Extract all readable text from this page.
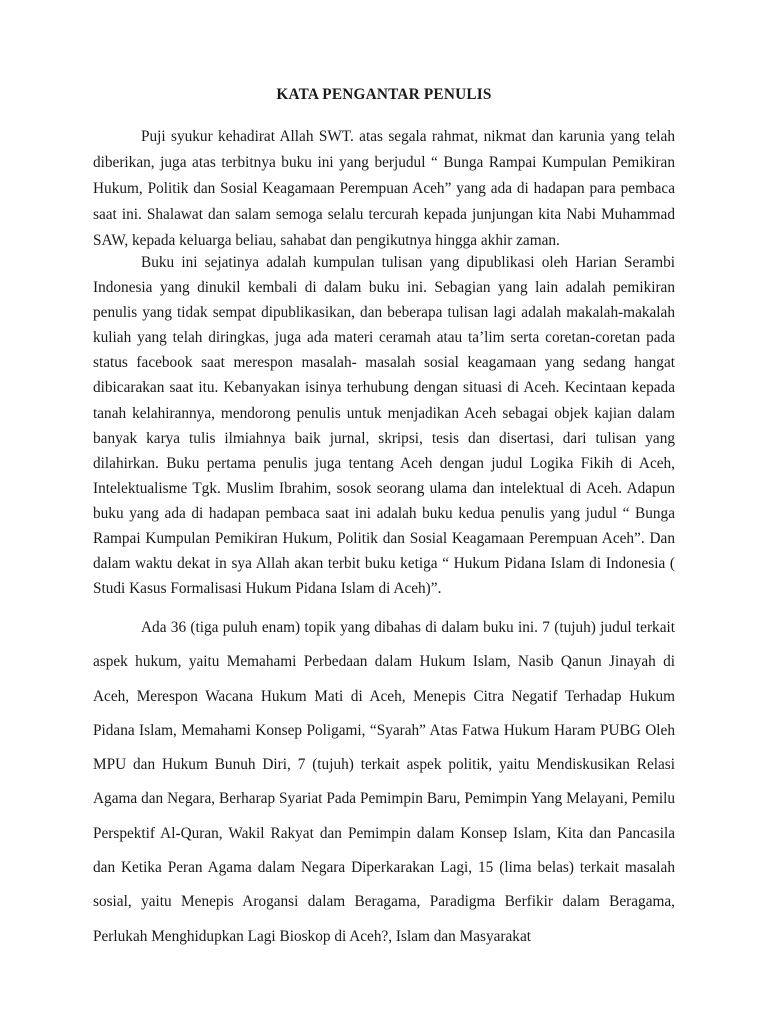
KATA PENGANTAR PENULIS

Puji syukur kehadirat Allah SWT. atas segala rahmat, nikmat dan karunia yang telah diberikan, juga atas terbitnya buku ini yang berjudul “ Bunga Rampai Kumpulan Pemikiran Hukum, Politik dan Sosial Keagamaan Perempuan Aceh” yang ada di hadapan para pembaca saat ini. Shalawat dan salam semoga selalu tercurah kepada junjungan kita Nabi Muhammad SAW, kepada keluarga beliau, sahabat dan pengikutnya hingga akhir zaman.

Buku ini sejatinya adalah kumpulan tulisan yang dipublikasi oleh Harian Serambi Indonesia yang dinukil kembali di dalam buku ini. Sebagian yang lain adalah pemikiran penulis yang tidak sempat dipublikasikan, dan beberapa tulisan lagi adalah makalah-makalah kuliah yang telah diringkas, juga ada materi ceramah atau ta’lim serta coretan-coretan pada status facebook saat merespon masalah- masalah sosial keagamaan yang sedang hangat dibicarakan saat itu. Kebanyakan isinya terhubung dengan situasi di Aceh. Kecintaan kepada tanah kelahirannya, mendorong penulis untuk menjadikan Aceh sebagai objek kajian dalam banyak karya tulis ilmiahnya baik jurnal, skripsi, tesis dan disertasi, dari tulisan yang dilahirkan. Buku pertama penulis juga tentang Aceh dengan judul Logika Fikih di Aceh, Intelektualisme Tgk. Muslim Ibrahim, sosok seorang ulama dan intelektual di Aceh. Adapun buku yang ada di hadapan pembaca saat ini adalah buku kedua penulis yang judul “ Bunga Rampai Kumpulan Pemikiran Hukum, Politik dan Sosial Keagamaan Perempuan Aceh”. Dan dalam waktu dekat in sya Allah akan terbit buku ketiga “ Hukum Pidana Islam di Indonesia ( Studi Kasus Formalisasi Hukum Pidana Islam di Aceh)”.

Ada 36 (tiga puluh enam) topik yang dibahas di dalam buku ini. 7 (tujuh) judul terkait aspek hukum, yaitu Memahami Perbedaan dalam Hukum Islam, Nasib Qanun Jinayah di Aceh, Merespon Wacana Hukum Mati di Aceh, Menepis Citra Negatif Terhadap Hukum Pidana Islam, Memahami Konsep Poligami, “Syarah” Atas Fatwa Hukum Haram PUBG Oleh MPU dan Hukum Bunuh Diri, 7 (tujuh) terkait aspek politik, yaitu Mendiskusikan Relasi Agama dan Negara, Berharap Syariat Pada Pemimpin Baru, Pemimpin Yang Melayani, Pemilu Perspektif Al-Quran, Wakil Rakyat dan Pemimpin dalam Konsep Islam, Kita dan Pancasila dan Ketika Peran Agama dalam Negara Diperkarakan Lagi, 15 (lima belas) terkait masalah sosial, yaitu Menepis Arogansi dalam Beragama, Paradigma Berfikir dalam Beragama, Perlukah Menghidupkan Lagi Bioskop di Aceh?, Islam dan Masyarakat
